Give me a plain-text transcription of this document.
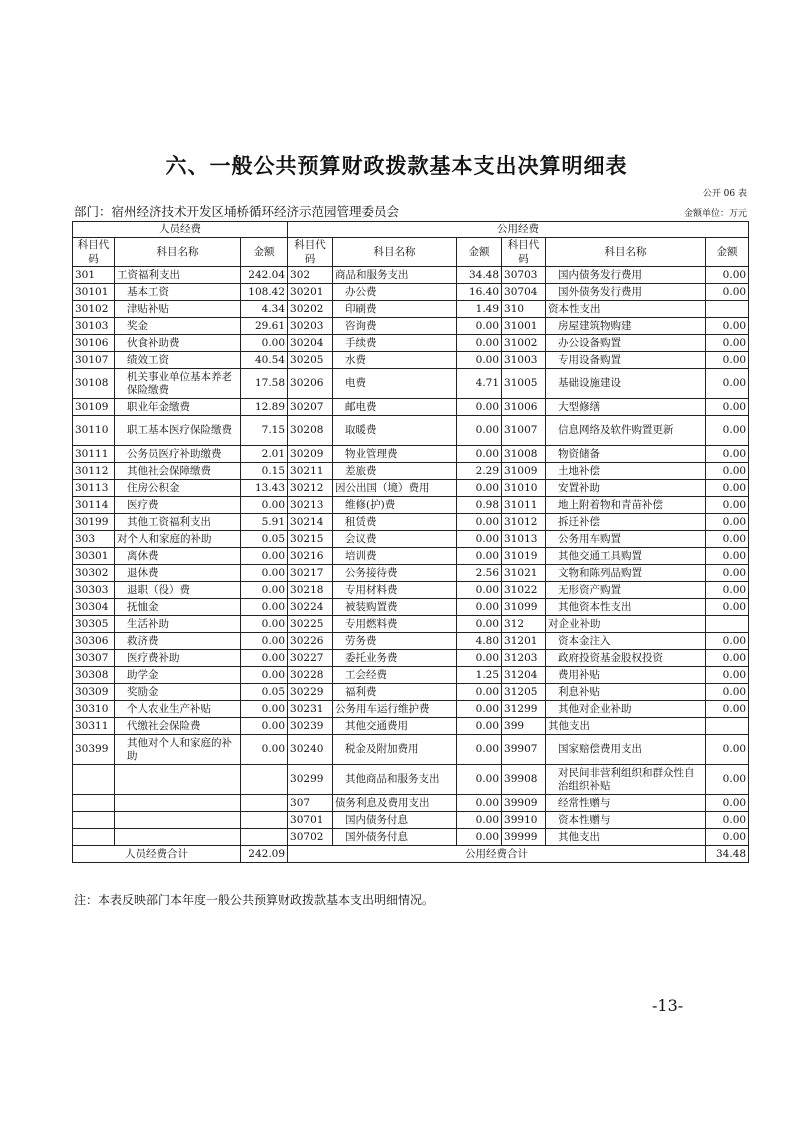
六、一般公共预算财政拨款基本支出决算明细表
公开 06 表
部门：宿州经济技术开发区埇桥循环经济示范园管理委员会	金额单位：万元
人员经费			公用经费					
科目代码	科目名称	金额	科目代码	科目名称	金额	科目代码	科目名称	金额
301	工资福利支出	242.04	302	商品和服务支出	34.48	30703	国内债务发行费用	0.00
30101	基本工资	108.42	30201	办公费	16.40	30704	国外债务发行费用	0.00
30102	津贴补贴	4.34	30202	印刷费	1.49	310	资本性支出	
30103	奖金	29.61	30203	咨询费	0.00	31001	房屋建筑物购建	0.00
30106	伙食补助费	0.00	30204	手续费	0.00	31002	办公设备购置	0.00
30107	绩效工资	40.54	30205	水费	0.00	31003	专用设备购置	0.00
30108	机关事业单位基本养老保险缴费	17.58	30206	电费	4.71	31005	基础设施建设	0.00
30109	职业年金缴费	12.89	30207	邮电费	0.00	31006	大型修缮	0.00
30110	职工基本医疗保险缴费	7.15	30208	取暖费	0.00	31007	信息网络及软件购置更新	0.00
30111	公务员医疗补助缴费	2.01	30209	物业管理费	0.00	31008	物资储备	0.00
30112	其他社会保障缴费	0.15	30211	差旅费	2.29	31009	土地补偿	0.00
30113	住房公积金	13.43	30212	因公出国（境）费用	0.00	31010	安置补助	0.00
30114	医疗费	0.00	30213	维修(护)费	0.98	31011	地上附着物和青苗补偿	0.00
30199	其他工资福利支出	5.91	30214	租赁费	0.00	31012	拆迁补偿	0.00
303	对个人和家庭的补助	0.05	30215	会议费	0.00	31013	公务用车购置	0.00
30301	离休费	0.00	30216	培训费	0.00	31019	其他交通工具购置	0.00
30302	退休费	0.00	30217	公务接待费	2.56	31021	文物和陈列品购置	0.00
30303	退职（役）费	0.00	30218	专用材料费	0.00	31022	无形资产购置	0.00
30304	抚恤金	0.00	30224	被装购置费	0.00	31099	其他资本性支出	0.00
30305	生活补助	0.00	30225	专用燃料费	0.00	312	对企业补助	
30306	救济费	0.00	30226	劳务费	4.80	31201	资本金注入	0.00
30307	医疗费补助	0.00	30227	委托业务费	0.00	31203	政府投资基金股权投资	0.00
30308	助学金	0.00	30228	工会经费	1.25	31204	费用补贴	0.00
30309	奖励金	0.05	30229	福利费	0.00	31205	利息补贴	0.00
30310	个人农业生产补贴	0.00	30231	公务用车运行维护费	0.00	31299	其他对企业补助	0.00
30311	代缴社会保险费	0.00	30239	其他交通费用	0.00	399	其他支出	
30399	其他对个人和家庭的补助	0.00	30240	税金及附加费用	0.00	39907	国家赔偿费用支出	0.00
			30299	其他商品和服务支出	0.00	39908	对民间非营利组织和群众性自治组织补贴	0.00
			307	债务利息及费用支出	0.00	39909	经常性赠与	0.00
			30701	国内债务付息	0.00	39910	资本性赠与	0.00
			30702	国外债务付息	0.00	39999	其他支出	0.00
人员经费合计		242.09	公用经费合计					34.48
注：本表反映部门本年度一般公共预算财政拨款基本支出明细情况。
-13-
